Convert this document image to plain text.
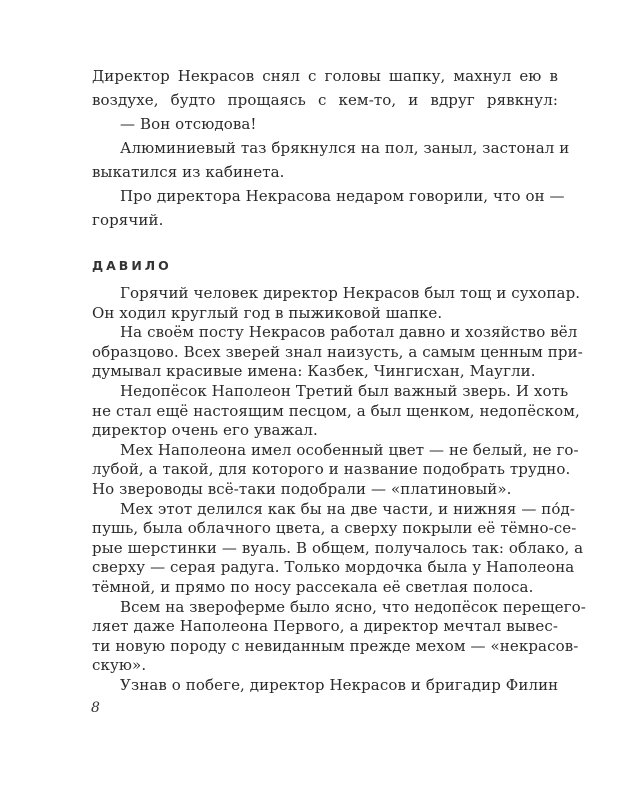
Директор Некрасов снял с головы шапку, махнул ею в
воздухе, будто прощаясь с кем-то, и вдруг рявкнул:
— Вон отсюдова!
Алюминиевый таз брякнулся на пол, заныл, застонал и
выкатился из кабинета.
Про директора Некрасова недаром говорили, что он —
горячий.
ДАВИЛО
Горячий человек директор Некрасов был тощ и сухопар.
Он ходил круглый год в пыжиковой шапке.
На своём посту Некрасов работал давно и хозяйство вёл
образцово. Всех зверей знал наизусть, а самым ценным при-
думывал красивые имена: Казбек, Чингисхан, Маугли.
Недопёсок Наполеон Третий был важный зверь. И хоть
не стал ещё настоящим песцом, а был щенком, недопёском,
директор очень его уважал.
Мех Наполеона имел особенный цвет — не белый, не го-
лубой, а такой, для которого и название подобрать трудно.
Но звероводы всё-таки подобрали — «платиновый».
Мех этот делился как бы на две части, и нижняя — по́д-
пушь, была облачного цвета, а сверху покрыли её тёмно-се-
рые шерстинки — вуаль. В общем, получалось так: облако, а
сверху — серая радуга. Только мордочка была у Наполеона
тёмной, и прямо по носу рассекала её светлая полоса.
Всем на звероферме было ясно, что недопёсок перещего-
ляет даже Наполеона Первого, а директор мечтал вывес-
ти новую породу с невиданным прежде мехом — «некрасов-
скую».
Узнав о побеге, директор Некрасов и бригадир Филин
8
